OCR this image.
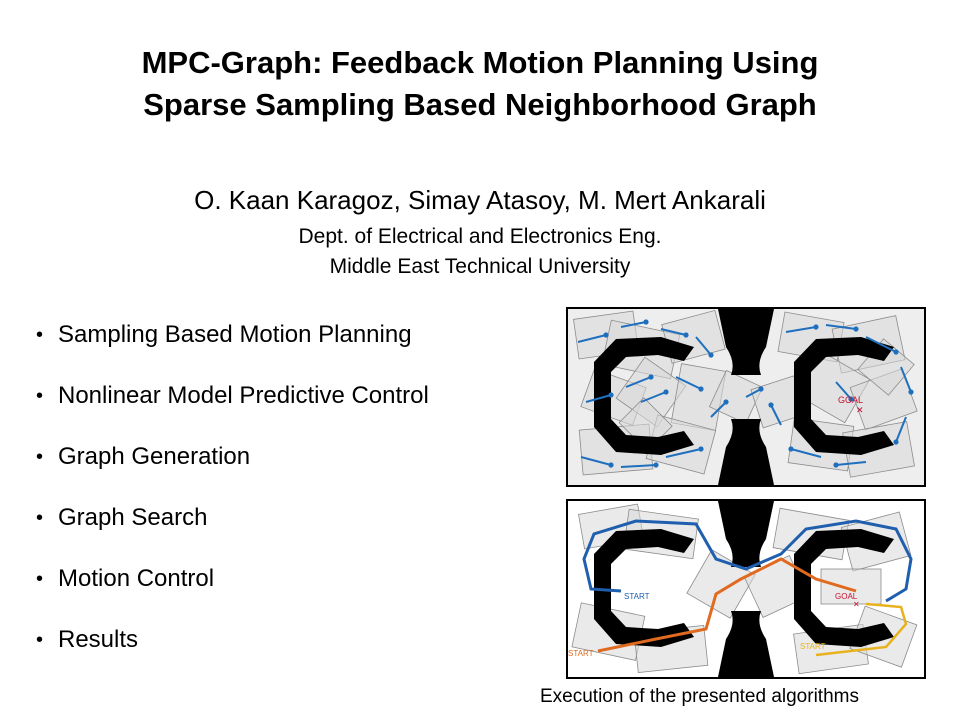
MPC-Graph: Feedback Motion Planning Using
Sparse Sampling Based Neighborhood Graph
O. Kaan Karagoz, Simay Atasoy, M. Mert Ankarali
Dept. of Electrical and Electronics Eng.
Middle East Technical University
• Sampling Based Motion Planning
• Nonlinear Model Predictive Control
• Graph Generation
• Graph Search
• Motion Control
• Results
GOAL
✕
START	GOAL
START
START
✕
Execution of the presented algorithms
